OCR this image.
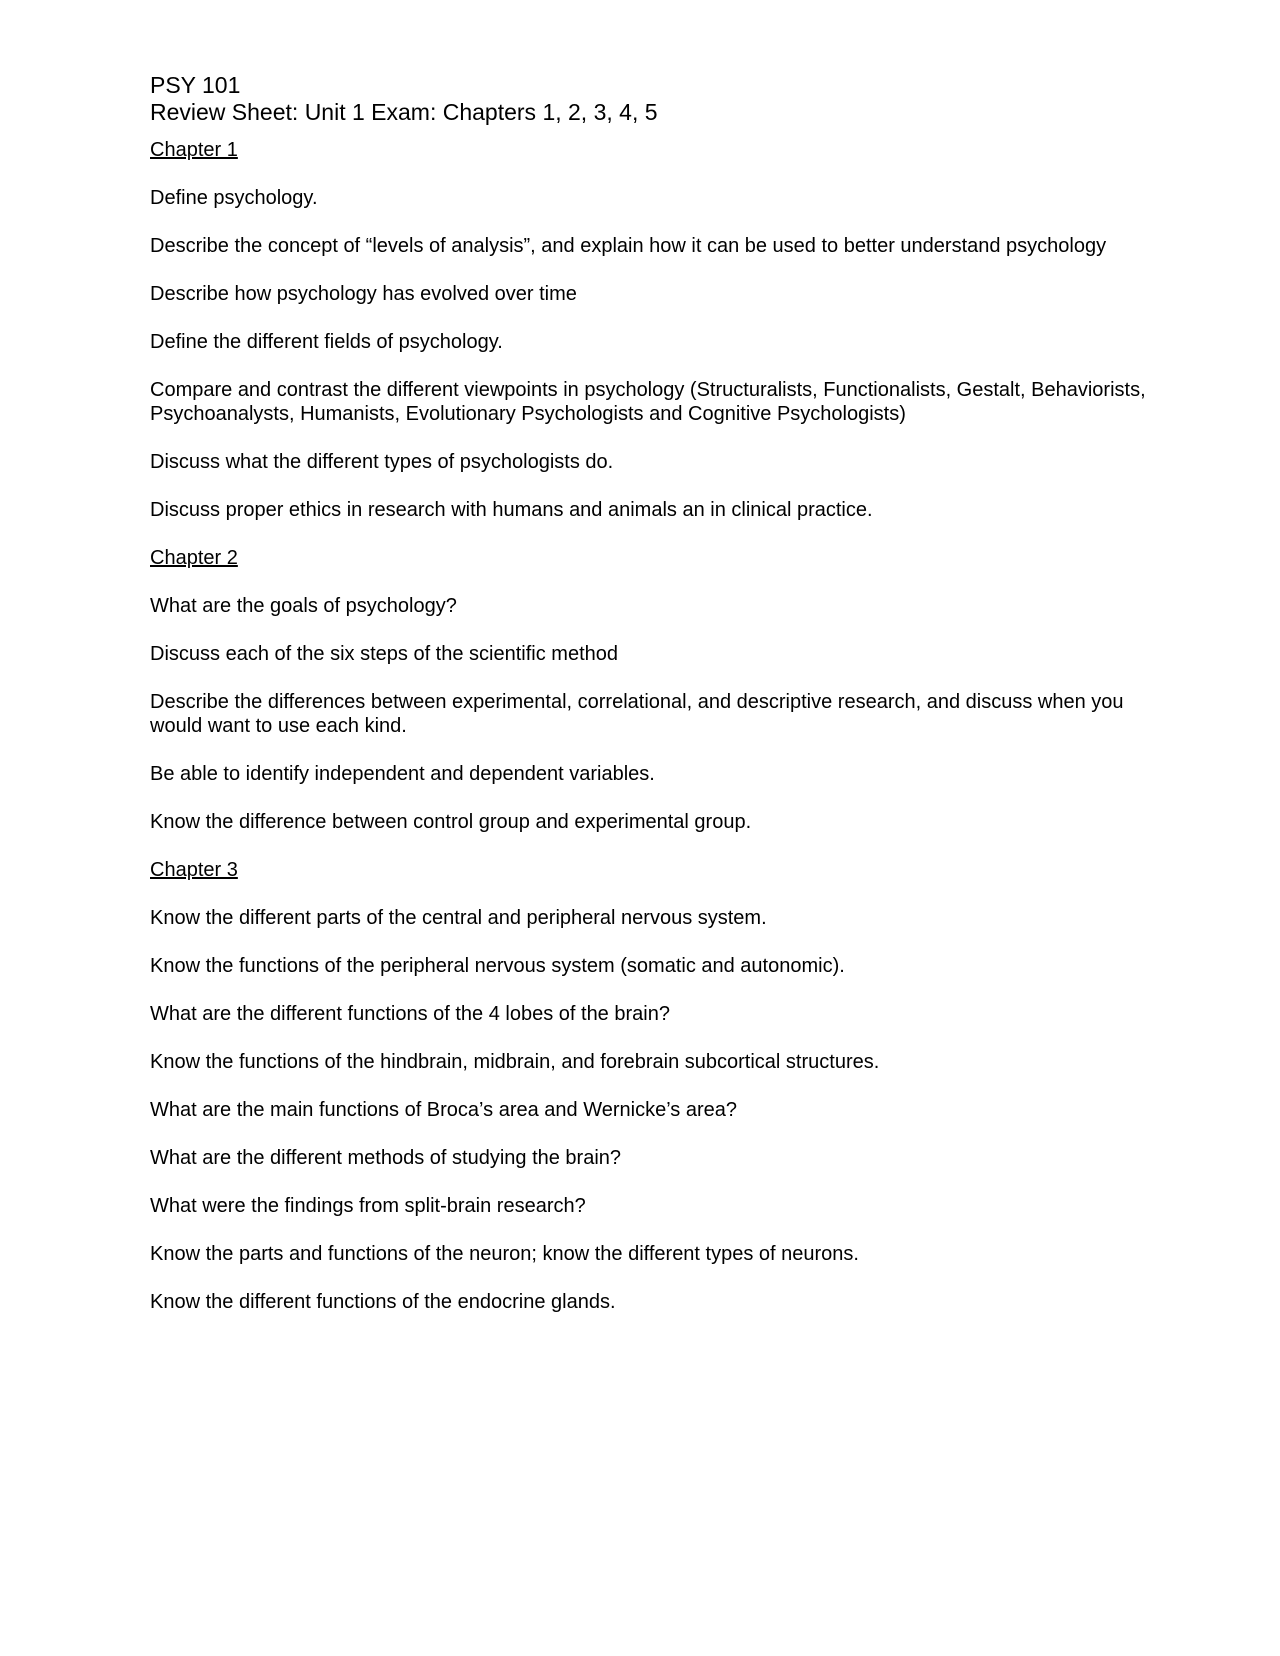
PSY 101

Review Sheet: Unit 1 Exam: Chapters 1, 2, 3, 4, 5

Chapter 1

Define psychology.

Describe the concept of “levels of analysis”, and explain how it can be used to better understand psychology

Describe how psychology has evolved over time

Define the different fields of psychology.

Compare and contrast the different viewpoints in psychology (Structuralists, Functionalists, Gestalt, Behaviorists, Psychoanalysts, Humanists, Evolutionary Psychologists and Cognitive Psychologists)

Discuss what the different types of psychologists do.

Discuss proper ethics in research with humans and animals an in clinical practice.

Chapter 2

What are the goals of psychology?

Discuss each of the six steps of the scientific method

Describe the differences between experimental, correlational, and descriptive research, and discuss when you would want to use each kind.

Be able to identify independent and dependent variables.

Know the difference between control group and experimental group.

Chapter 3

Know the different parts of the central and peripheral nervous system.

Know the functions of the peripheral nervous system (somatic and autonomic).

What are the different functions of the 4 lobes of the brain?

Know the functions of the hindbrain, midbrain, and forebrain subcortical structures.

What are the main functions of Broca’s area and Wernicke’s area?

What are the different methods of studying the brain?

What were the findings from split-brain research?

Know the parts and functions of the neuron; know the different types of neurons.

Know the different functions of the endocrine glands.
